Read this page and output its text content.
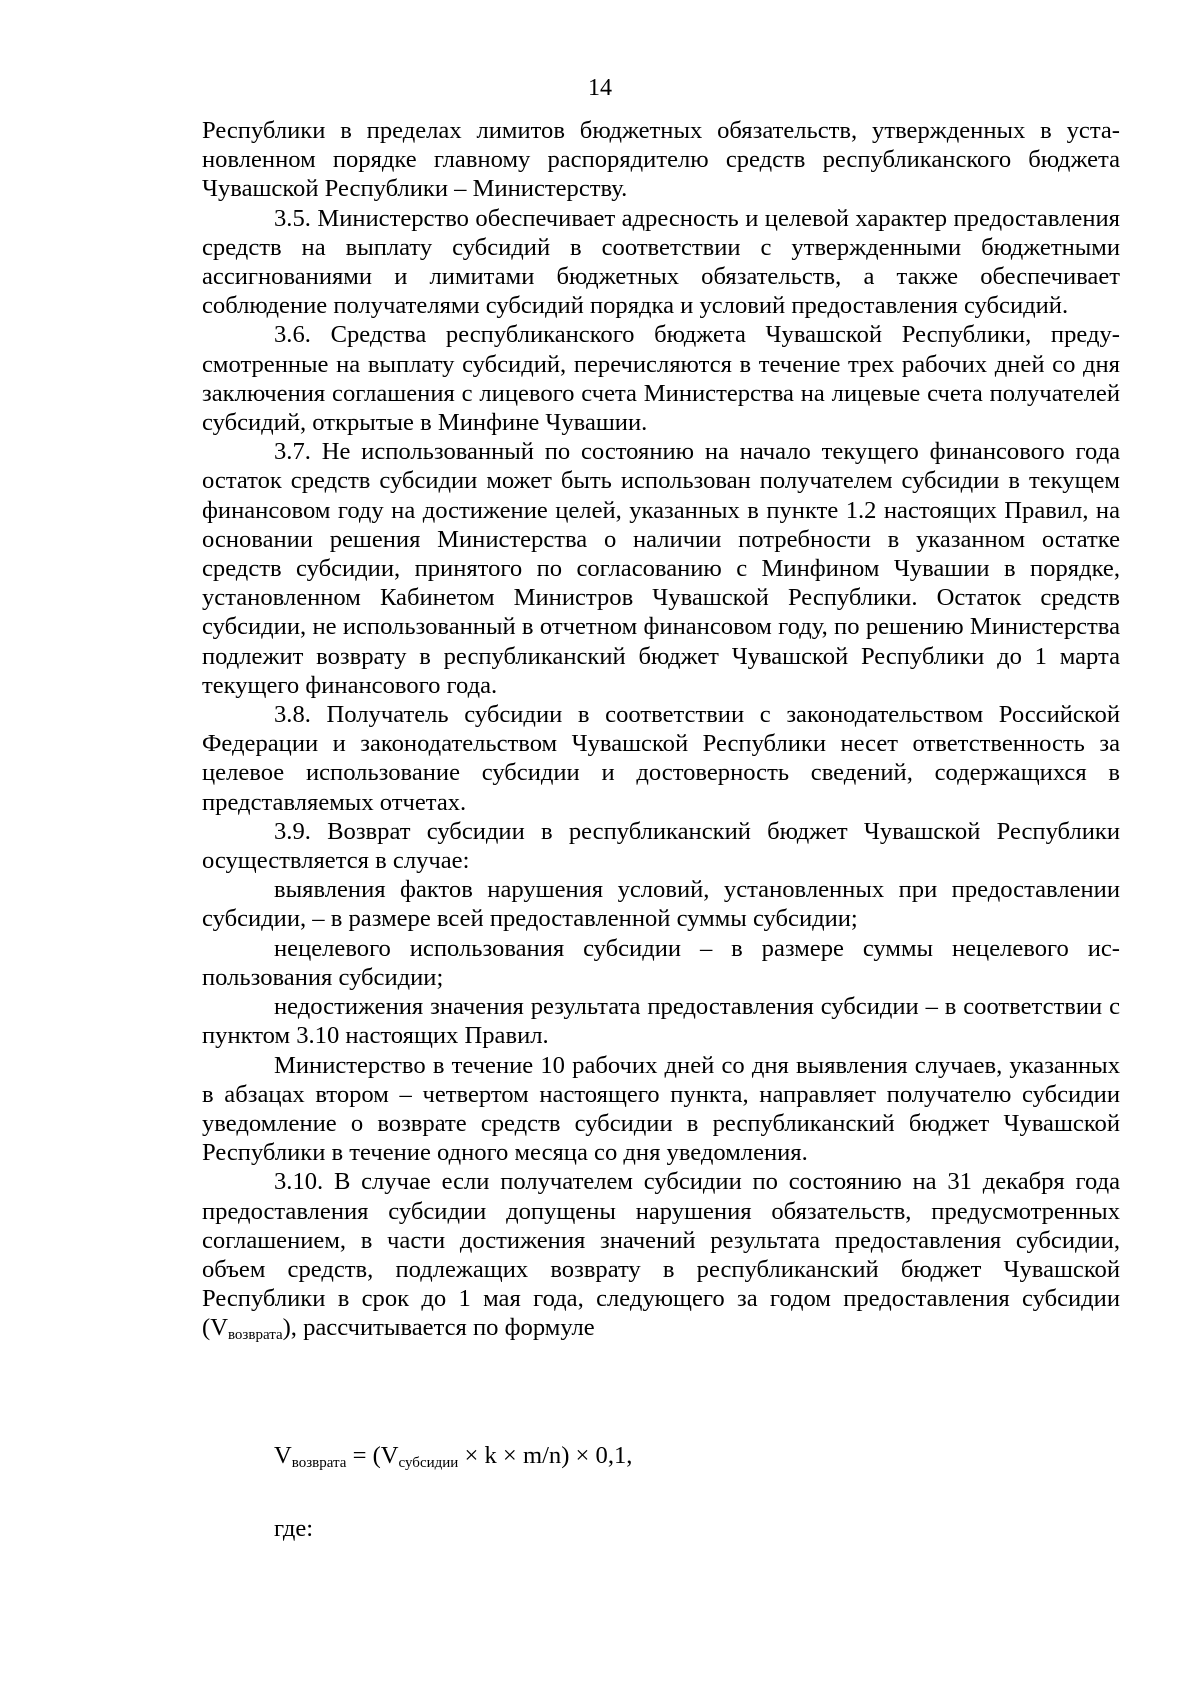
14

Республики в пределах лимитов бюджетных обязательств, утвержденных в установленном порядке главному распорядителю средств республиканского бюджета Чувашской Республики – Министерству.

3.5. Министерство обеспечивает адресность и целевой характер предоставления средств на выплату субсидий в соответствии с утвержденными бюджетными ассигнованиями и лимитами бюджетных обязательств, а также обеспечивает соблюдение получателями субсидий порядка и условий предоставления субсидий.

3.6. Средства республиканского бюджета Чувашской Республики, предусмотренные на выплату субсидий, перечисляются в течение трех рабочих дней со дня заключения соглашения с лицевого счета Министерства на лицевые счета получателей субсидий, открытые в Минфине Чувашии.

3.7. Не использованный по состоянию на начало текущего финансового года остаток средств субсидии может быть использован получателем субсидии в текущем финансовом году на достижение целей, указанных в пункте 1.2 настоящих Правил, на основании решения Министерства о наличии потребности в указанном остатке средств субсидии, принятого по согласованию с Минфином Чувашии в порядке, установленном Кабинетом Министров Чувашской Республики. Остаток средств субсидии, не использованный в отчетном финансовом году, по решению Министерства подлежит возврату в республиканский бюджет Чувашской Республики до 1 марта текущего финансового года.

3.8. Получатель субсидии в соответствии с законодательством Российской Федерации и законодательством Чувашской Республики несет ответственность за целевое использование субсидии и достоверность сведений, содержащихся в представляемых отчетах.

3.9. Возврат субсидии в республиканский бюджет Чувашской Республики осуществляется в случае:

выявления фактов нарушения условий, установленных при предоставлении субсидии, – в размере всей предоставленной суммы субсидии;

нецелевого использования субсидии – в размере суммы нецелевого использования субсидии;

недостижения значения результата предоставления субсидии – в соответствии с пунктом 3.10 настоящих Правил.

Министерство в течение 10 рабочих дней со дня выявления случаев, указанных в абзацах втором – четвертом настоящего пункта, направляет получателю субсидии уведомление о возврате средств субсидии в республиканский бюджет Чувашской Республики в течение одного месяца со дня уведомления.

3.10. В случае если получателем субсидии по состоянию на 31 декабря года предоставления субсидии допущены нарушения обязательств, предусмотренных соглашением, в части достижения значений результата предоставления субсидии, объем средств, подлежащих возврату в республиканский бюджет Чувашской Республики в срок до 1 мая года, следующего за годом предоставления субсидии $(V_{возврата})$, рассчитывается по формуле

$V_{возврата} = (V_{субсидии} \times k \times m/n) \times 0,1$,
где:
